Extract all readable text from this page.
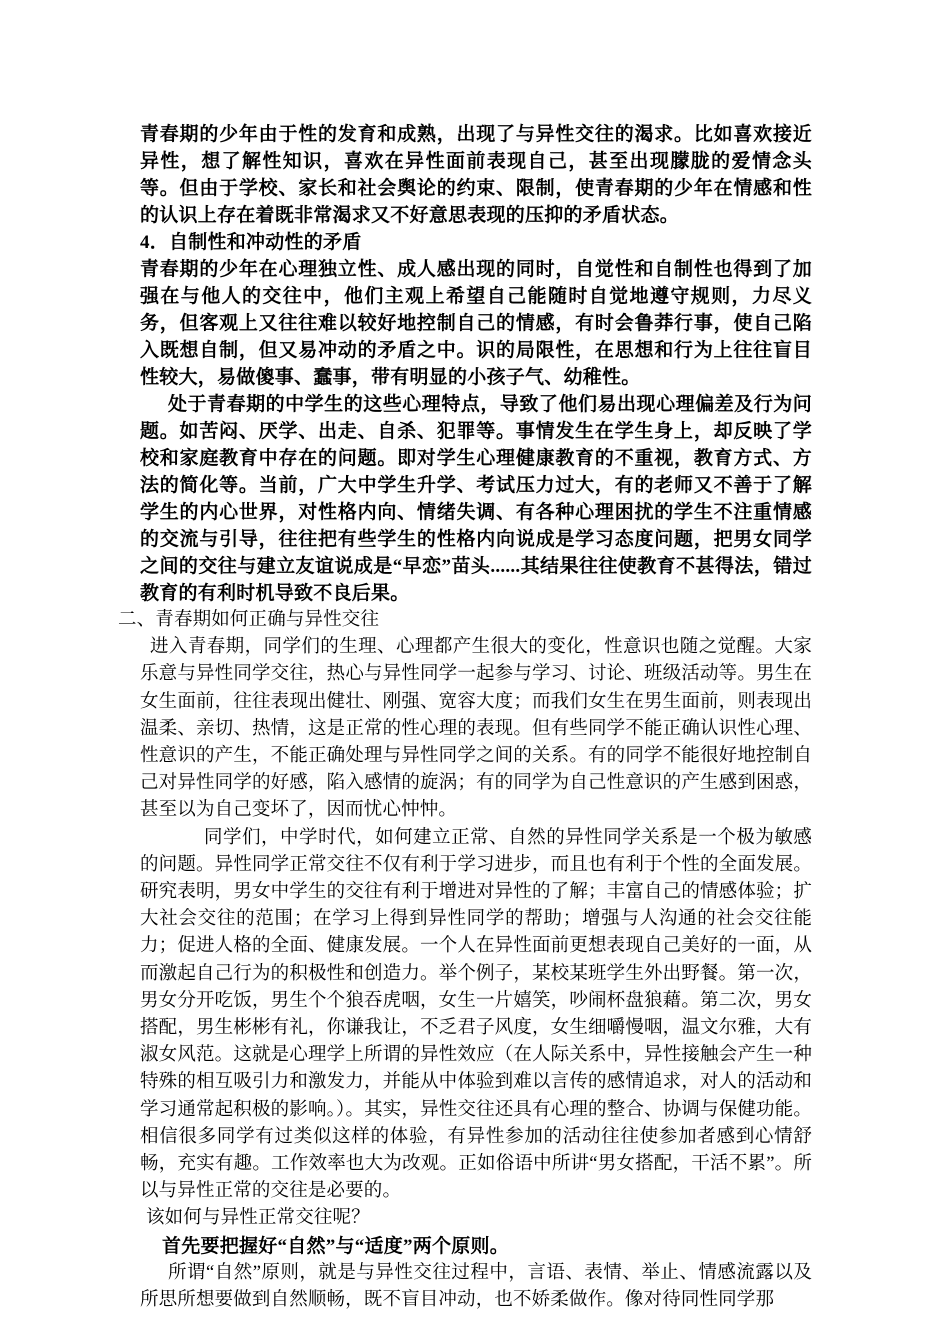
青春期的少年由于性的发育和成熟，出现了与异性交往的渴求。比如喜欢接近异性，想了解性知识，喜欢在异性面前表现自己，甚至出现朦胧的爱情念头等。但由于学校、家长和社会舆论的约束、限制，使青春期的少年在情感和性的认识上存在着既非常渴求又不好意思表现的压抑的矛盾状态。

4．自制性和冲动性的矛盾

青春期的少年在心理独立性、成人感出现的同时，自觉性和自制性也得到了加强在与他人的交往中，他们主观上希望自己能随时自觉地遵守规则，力尽义务，但客观上又往往难以较好地控制自己的情感，有时会鲁莽行事，使自己陷入既想自制，但又易冲动的矛盾之中。识的局限性，在思想和行为上往往盲目性较大，易做傻事、蠢事，带有明显的小孩子气、幼稚性。

处于青春期的中学生的这些心理特点，导致了他们易出现心理偏差及行为问题。如苦闷、厌学、出走、自杀、犯罪等。事情发生在学生身上，却反映了学校和家庭教育中存在的问题。即对学生心理健康教育的不重视，教育方式、方法的简化等。当前，广大中学生升学、考试压力过大，有的老师又不善于了解学生的内心世界，对性格内向、情绪失调、有各种心理困扰的学生不注重情感的交流与引导，往往把有些学生的性格内向说成是学习态度问题，把男女同学之间的交往与建立友谊说成是“早恋”苗头......其结果往往使教育不甚得法，错过教育的有利时机导致不良后果。

二、青春期如何正确与异性交往

进入青春期，同学们的生理、心理都产生很大的变化，性意识也随之觉醒。大家乐意与异性同学交往，热心与异性同学一起参与学习、讨论、班级活动等。男生在女生面前，往往表现出健壮、刚强、宽容大度；而我们女生在男生面前，则表现出温柔、亲切、热情，这是正常的性心理的表现。但有些同学不能正确认识性心理、性意识的产生，不能正确处理与异性同学之间的关系。有的同学不能很好地控制自己对异性同学的好感，陷入感情的旋涡；有的同学为自己性意识的产生感到困惑，甚至以为自己变坏了，因而忧心忡忡。

同学们，中学时代，如何建立正常、自然的异性同学关系是一个极为敏感的问题。异性同学正常交往不仅有利于学习进步，而且也有利于个性的全面发展。研究表明，男女中学生的交往有利于增进对异性的了解；丰富自己的情感体验；扩大社会交往的范围；在学习上得到异性同学的帮助；增强与人沟通的社会交往能力；促进人格的全面、健康发展。一个人在异性面前更想表现自己美好的一面，从而激起自己行为的积极性和创造力。举个例子，某校某班学生外出野餐。第一次，男女分开吃饭，男生个个狼吞虎咽，女生一片嬉笑，吵闹杯盘狼藉。第二次，男女搭配，男生彬彬有礼，你谦我让，不乏君子风度，女生细嚼慢咽，温文尔雅，大有淑女风范。这就是心理学上所谓的异性效应（在人际关系中，异性接触会产生一种特殊的相互吸引力和激发力，并能从中体验到难以言传的感情追求，对人的活动和学习通常起积极的影响。）。其实，异性交往还具有心理的整合、协调与保健功能。相信很多同学有过类似这样的体验，有异性参加的活动往往使参加者感到心情舒畅，充实有趣。工作效率也大为改观。正如俗语中所讲“男女搭配，干活不累”。所以与异性正常的交往是必要的。

该如何与异性正常交往呢？

首先要把握好“自然”与“适度”两个原则。

所谓“自然”原则，就是与异性交往过程中，言语、表情、举止、情感流露以及所思所想要做到自然顺畅，既不盲目冲动，也不娇柔做作。像对待同性同学那
